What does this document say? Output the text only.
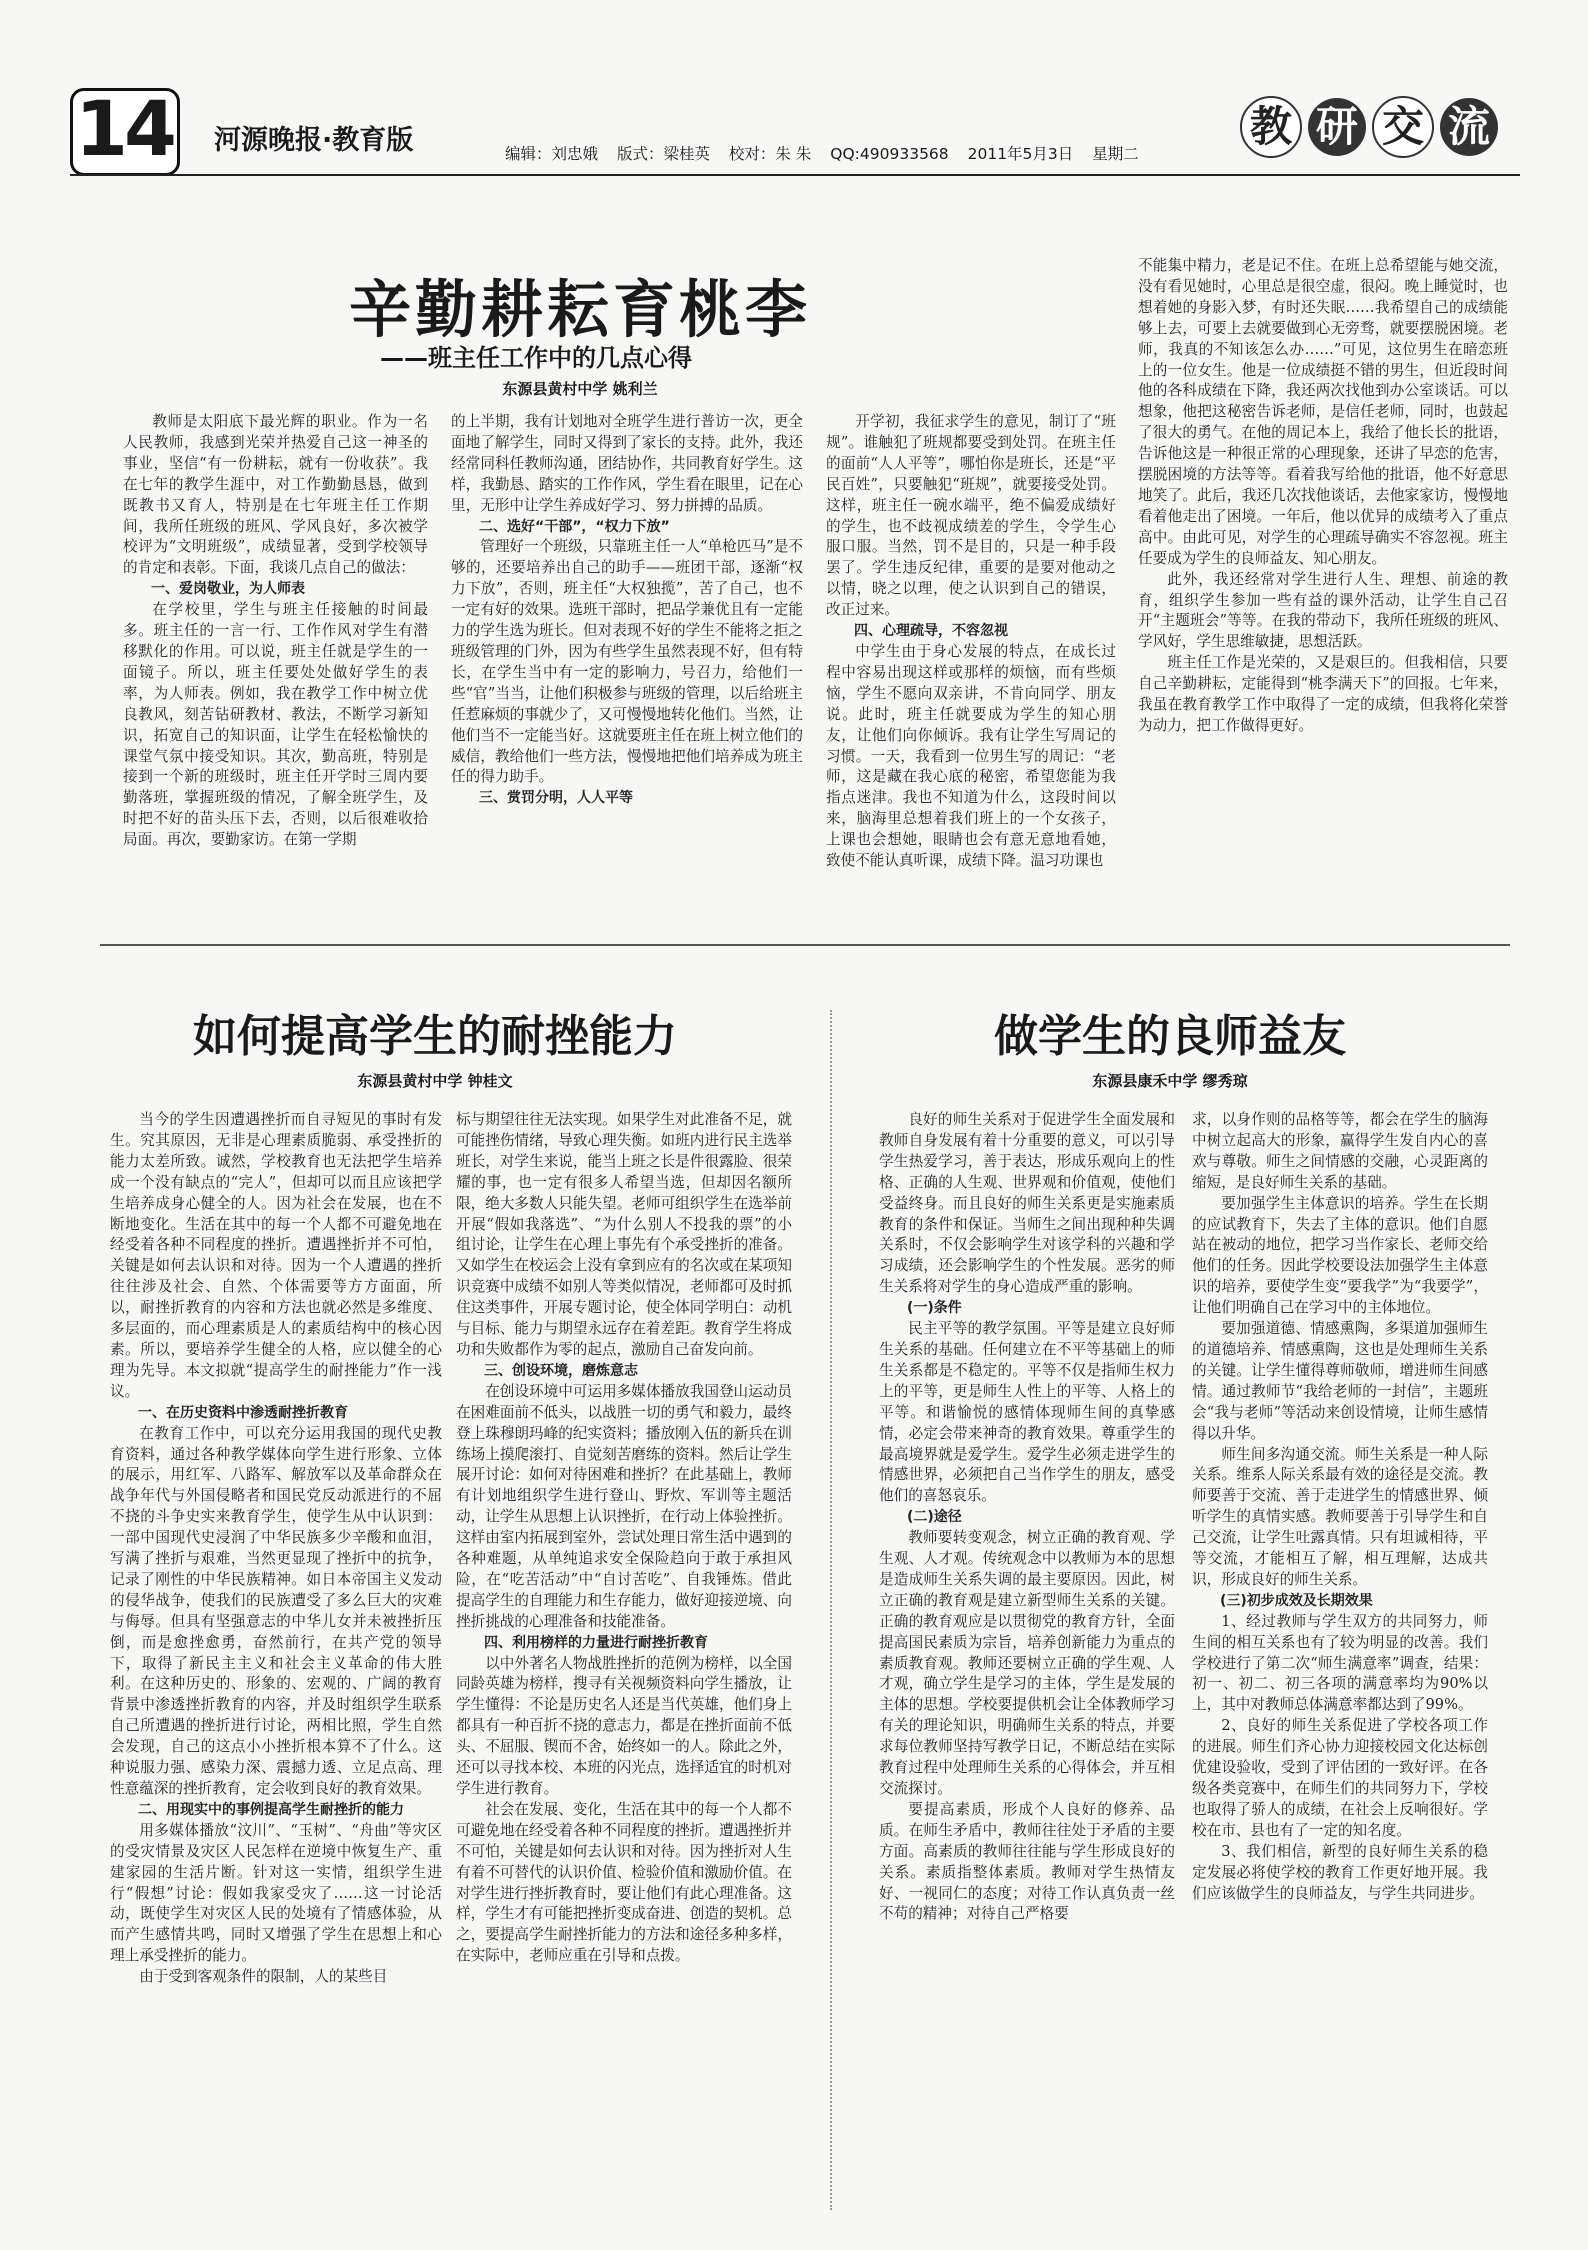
14 河源晚报·教育版	编辑：刘忠娥 版式：梁桂英 校对：朱 朱 QQ:490933568 2011年5月3日 星期二
教 研 交 流
辛勤耕耘育桃李
——班主任工作中的几点心得
东源县黄村中学 姚利兰

教师是太阳底下最光辉的职业。作为一名人民教师，我感到光荣并热爱自己这一神圣的事业，坚信“有一份耕耘，就有一份收获”。我在七年的教学生涯中，对工作勤勤恳恳，做到既教书又育人，特别是在七年班主任工作期间，我所任班级的班风、学风良好，多次被学校评为“文明班级”，成绩显著，受到学校领导的肯定和表彰。下面，我谈几点自己的做法：

一、爱岗敬业，为人师表

在学校里，学生与班主任接触的时间最多。班主任的一言一行、工作作风对学生有潜移默化的作用。可以说，班主任就是学生的一面镜子。所以，班主任要处处做好学生的表率，为人师表。例如，我在教学工作中树立优良教风，刻苦钻研教材、教法，不断学习新知识，拓宽自己的知识面，让学生在轻松愉快的课堂气氛中接受知识。其次，勤高班，特别是接到一个新的班级时，班主任开学时三周内要勤落班，掌握班级的情况，了解全班学生，及时把不好的苗头压下去，否则，以后很难收拾局面。再次，要勤家访。在第一学期

的上半期，我有计划地对全班学生进行普访一次，更全面地了解学生，同时又得到了家长的支持。此外，我还经常同科任教师沟通，团结协作，共同教育好学生。这样，我勤恳、踏实的工作作风，学生看在眼里，记在心里，无形中让学生养成好学习、努力拼搏的品质。

二、选好“干部”，“权力下放”

管理好一个班级，只靠班主任一人“单枪匹马”是不够的，还要培养出自己的助手——班团干部，逐渐“权力下放”，否则，班主任“大权独揽”，苦了自己，也不一定有好的效果。选班干部时，把品学兼优且有一定能力的学生选为班长。但对表现不好的学生不能将之拒之班级管理的门外，因为有些学生虽然表现不好，但有特长，在学生当中有一定的影响力，号召力，给他们一些“官”当当，让他们积极参与班级的管理，以后给班主任惹麻烦的事就少了，又可慢慢地转化他们。当然，让他们当不一定能当好。这就要班主任在班上树立他们的威信，教给他们一些方法，慢慢地把他们培养成为班主任的得力助手。

三、赏罚分明，人人平等

开学初，我征求学生的意见，制订了“班规”。谁触犯了班规都要受到处罚。在班主任的面前“人人平等”，哪怕你是班长，还是“平民百姓”，只要触犯“班规”，就要接受处罚。这样，班主任一碗水端平，绝不偏爱成绩好的学生，也不歧视成绩差的学生，令学生心服口服。当然，罚不是目的，只是一种手段罢了。学生违反纪律，重要的是要对他动之以情，晓之以理，使之认识到自己的错误，改正过来。

四、心理疏导，不容忽视

中学生由于身心发展的特点，在成长过程中容易出现这样或那样的烦恼，而有些烦恼，学生不愿向双亲讲，不肯向同学、朋友说。此时，班主任就要成为学生的知心朋友，让他们向你倾诉。我有让学生写周记的习惯。一天，我看到一位男生写的周记：“老师，这是藏在我心底的秘密，希望您能为我指点迷津。我也不知道为什么，这段时间以来，脑海里总想着我们班上的一个女孩子，上课也会想她，眼睛也会有意无意地看她，致使不能认真听课，成绩下降。温习功课也

不能集中精力，老是记不住。在班上总希望能与她交流，没有看见她时，心里总是很空虚，很闷。晚上睡觉时，也想着她的身影入梦，有时还失眠……我希望自己的成绩能够上去，可要上去就要做到心无旁骛，就要摆脱困境。老师，我真的不知该怎么办……”可见，这位男生在暗恋班上的一位女生。他是一位成绩挺不错的男生，但近段时间他的各科成绩在下降，我还两次找他到办公室谈话。可以想象，他把这秘密告诉老师，是信任老师，同时，也鼓起了很大的勇气。在他的周记本上，我给了他长长的批语，告诉他这是一种很正常的心理现象，还讲了早恋的危害，摆脱困境的方法等等。看着我写给他的批语，他不好意思地笑了。此后，我还几次找他谈话，去他家家访，慢慢地看着他走出了困境。一年后，他以优异的成绩考入了重点高中。由此可见，对学生的心理疏导确实不容忽视。班主任要成为学生的良师益友、知心朋友。

此外，我还经常对学生进行人生、理想、前途的教育，组织学生参加一些有益的课外活动，让学生自己召开“主题班会”等等。在我的带动下，我所任班级的班风、学风好，学生思维敏捷，思想活跃。

班主任工作是光荣的，又是艰巨的。但我相信，只要自己辛勤耕耘，定能得到“桃李满天下”的回报。七年来，我虽在教育教学工作中取得了一定的成绩，但我将化荣誉为动力，把工作做得更好。

如何提高学生的耐挫能力
东源县黄村中学 钟桂文

当今的学生因遭遇挫折而自寻短见的事时有发生。究其原因，无非是心理素质脆弱、承受挫折的能力太差所致。诚然，学校教育也无法把学生培养成一个没有缺点的“完人”，但却可以而且应该把学生培养成身心健全的人。因为社会在发展，也在不断地变化。生活在其中的每一个人都不可避免地在经受着各种不同程度的挫折。遭遇挫折并不可怕，关键是如何去认识和对待。因为一个人遭遇的挫折往往涉及社会、自然、个体需要等方方面面，所以，耐挫折教育的内容和方法也就必然是多维度、多层面的，而心理素质是人的素质结构中的核心因素。所以，要培养学生健全的人格，应以健全的心理为先导。本文拟就“提高学生的耐挫能力”作一浅议。

一、在历史资料中渗透耐挫折教育

在教育工作中，可以充分运用我国的现代史教育资料，通过各种教学媒体向学生进行形象、立体的展示，用红军、八路军、解放军以及革命群众在战争年代与外国侵略者和国民党反动派进行的不屈不挠的斗争史实来教育学生，使学生从中认识到：一部中国现代史浸润了中华民族多少辛酸和血泪，写满了挫折与艰难，当然更显现了挫折中的抗争，记录了刚性的中华民族精神。如日本帝国主义发动的侵华战争，使我们的民族遭受了多么巨大的灾难与侮辱。但具有坚强意志的中华儿女并未被挫折压倒，而是愈挫愈勇，奋然前行，在共产党的领导下，取得了新民主主义和社会主义革命的伟大胜利。在这种历史的、形象的、宏观的、广阔的教育背景中渗透挫折教育的内容，并及时组织学生联系自己所遭遇的挫折进行讨论，两相比照，学生自然会发现，自己的这点小小挫折根本算不了什么。这种说服力强、感染力深、震撼力透、立足点高、理性意蕴深的挫折教育，定会收到良好的教育效果。

二、用现实中的事例提高学生耐挫折的能力

用多媒体播放“汶川”、“玉树”、“舟曲”等灾区的受灾情景及灾区人民怎样在逆境中恢复生产、重建家园的生活片断。针对这一实情，组织学生进行“假想”讨论：假如我家受灾了……这一讨论活动，既使学生对灾区人民的处境有了情感体验，从而产生感情共鸣，同时又增强了学生在思想上和心理上承受挫折的能力。

由于受到客观条件的限制，人的某些目

标与期望往往无法实现。如果学生对此准备不足，就可能挫伤情绪，导致心理失衡。如班内进行民主选举班长，对学生来说，能当上班之长是件很露脸、很荣耀的事，也一定有很多人希望当选，但却因名额所限，绝大多数人只能失望。老师可组织学生在选举前开展“假如我落选”、“为什么别人不投我的票”的小组讨论，让学生在心理上事先有个承受挫折的准备。又如学生在校运会上没有拿到应有的名次或在某项知识竞赛中成绩不如别人等类似情况，老师都可及时抓住这类事件，开展专题讨论，使全体同学明白：动机与目标、能力与期望永远存在着差距。教育学生将成功和失败都作为零的起点，激励自己奋发向前。

三、创设环境，磨炼意志

在创设环境中可运用多媒体播放我国登山运动员在困难面前不低头，以战胜一切的勇气和毅力，最终登上珠穆朗玛峰的纪实资料；播放刚入伍的新兵在训练场上摸爬滚打、自觉刻苦磨练的资料。然后让学生展开讨论：如何对待困难和挫折？在此基础上，教师有计划地组织学生进行登山、野炊、军训等主题活动，让学生从思想上认识挫折，在行动上体验挫折。这样由室内拓展到室外，尝试处理日常生活中遇到的各种难题，从单纯追求安全保险趋向于敢于承担风险，在“吃苦活动”中“自讨苦吃”、自我锤炼。借此提高学生的自理能力和生存能力，做好迎接逆境、向挫折挑战的心理准备和技能准备。

四、利用榜样的力量进行耐挫折教育

以中外著名人物战胜挫折的范例为榜样，以全国同龄英雄为榜样，搜寻有关视频资料向学生播放，让学生懂得：不论是历史名人还是当代英雄，他们身上都具有一种百折不挠的意志力，都是在挫折面前不低头、不屈服、锲而不舍，始终如一的人。除此之外，还可以寻找本校、本班的闪光点，选择适宜的时机对学生进行教育。

社会在发展、变化，生活在其中的每一个人都不可避免地在经受着各种不同程度的挫折。遭遇挫折并不可怕，关键是如何去认识和对待。因为挫折对人生有着不可替代的认识价值、检验价值和激励价值。在对学生进行挫折教育时，要让他们有此心理准备。这样，学生才有可能把挫折变成奋进、创造的契机。总之，要提高学生耐挫折能力的方法和途径多种多样，在实际中，老师应重在引导和点拨。

做学生的良师益友
东源县康禾中学 缪秀琼

良好的师生关系对于促进学生全面发展和教师自身发展有着十分重要的意义，可以引导学生热爱学习，善于表达，形成乐观向上的性格、正确的人生观、世界观和价值观，使他们受益终身。而且良好的师生关系更是实施素质教育的条件和保证。当师生之间出现种种失调关系时，不仅会影响学生对该学科的兴趣和学习成绩，还会影响学生的个性发展。恶劣的师生关系将对学生的身心造成严重的影响。

(一)条件

民主平等的教学氛围。平等是建立良好师生关系的基础。任何建立在不平等基础上的师生关系都是不稳定的。平等不仅是指师生权力上的平等，更是师生人性上的平等、人格上的平等。和谐愉悦的感情体现师生间的真挚感情，必定会带来神奇的教育效果。尊重学生的最高境界就是爱学生。爱学生必须走进学生的情感世界，必须把自己当作学生的朋友，感受他们的喜怒哀乐。

(二)途径

教师要转变观念，树立正确的教育观、学生观、人才观。传统观念中以教师为本的思想是造成师生关系失调的最主要原因。因此，树立正确的教育观是建立新型师生关系的关键。正确的教育观应是以贯彻党的教育方针，全面提高国民素质为宗旨，培养创新能力为重点的素质教育观。教师还要树立正确的学生观、人才观，确立学生是学习的主体，学生是发展的主体的思想。学校要提供机会让全体教师学习有关的理论知识，明确师生关系的特点，并要求每位教师坚持写教学日记，不断总结在实际教育过程中处理师生关系的心得体会，并互相交流探讨。

要提高素质，形成个人良好的修养、品质。在师生矛盾中，教师往往处于矛盾的主要方面。高素质的教师往往能与学生形成良好的关系。素质指整体素质。教师对学生热情友好、一视同仁的态度；对待工作认真负责一丝不苟的精神；对待自己严格要

求，以身作则的品格等等，都会在学生的脑海中树立起高大的形象，赢得学生发自内心的喜欢与尊敬。师生之间情感的交融，心灵距离的缩短，是良好师生关系的基础。

要加强学生主体意识的培养。学生在长期的应试教育下，失去了主体的意识。他们自愿站在被动的地位，把学习当作家长、老师交给他们的任务。因此学校要设法加强学生主体意识的培养，要使学生变“要我学”为“我要学”，让他们明确自己在学习中的主体地位。

要加强道德、情感熏陶，多渠道加强师生的道德培养、情感熏陶，这也是处理师生关系的关键。让学生懂得尊师敬师，增进师生间感情。通过教师节“我给老师的一封信”，主题班会“我与老师”等活动来创设情境，让师生感情得以升华。

师生间多沟通交流。师生关系是一种人际关系。维系人际关系最有效的途径是交流。教师要善于交流、善于走进学生的情感世界、倾听学生的真情实感。教师要善于引导学生和自己交流，让学生吐露真情。只有坦诚相待，平等交流，才能相互了解，相互理解，达成共识，形成良好的师生关系。

(三)初步成效及长期效果

1、经过教师与学生双方的共同努力，师生间的相互关系也有了较为明显的改善。我们学校进行了第二次“师生满意率”调查，结果：初一、初二、初三各项的满意率均为90%以上，其中对教师总体满意率都达到了99%。

2、良好的师生关系促进了学校各项工作的进展。师生们齐心协力迎接校园文化达标创优建设验收，受到了评估团的一致好评。在各级各类竞赛中，在师生们的共同努力下，学校也取得了骄人的成绩，在社会上反响很好。学校在市、县也有了一定的知名度。

3、我们相信，新型的良好师生关系的稳定发展必将使学校的教育工作更好地开展。我们应该做学生的良师益友，与学生共同进步。
